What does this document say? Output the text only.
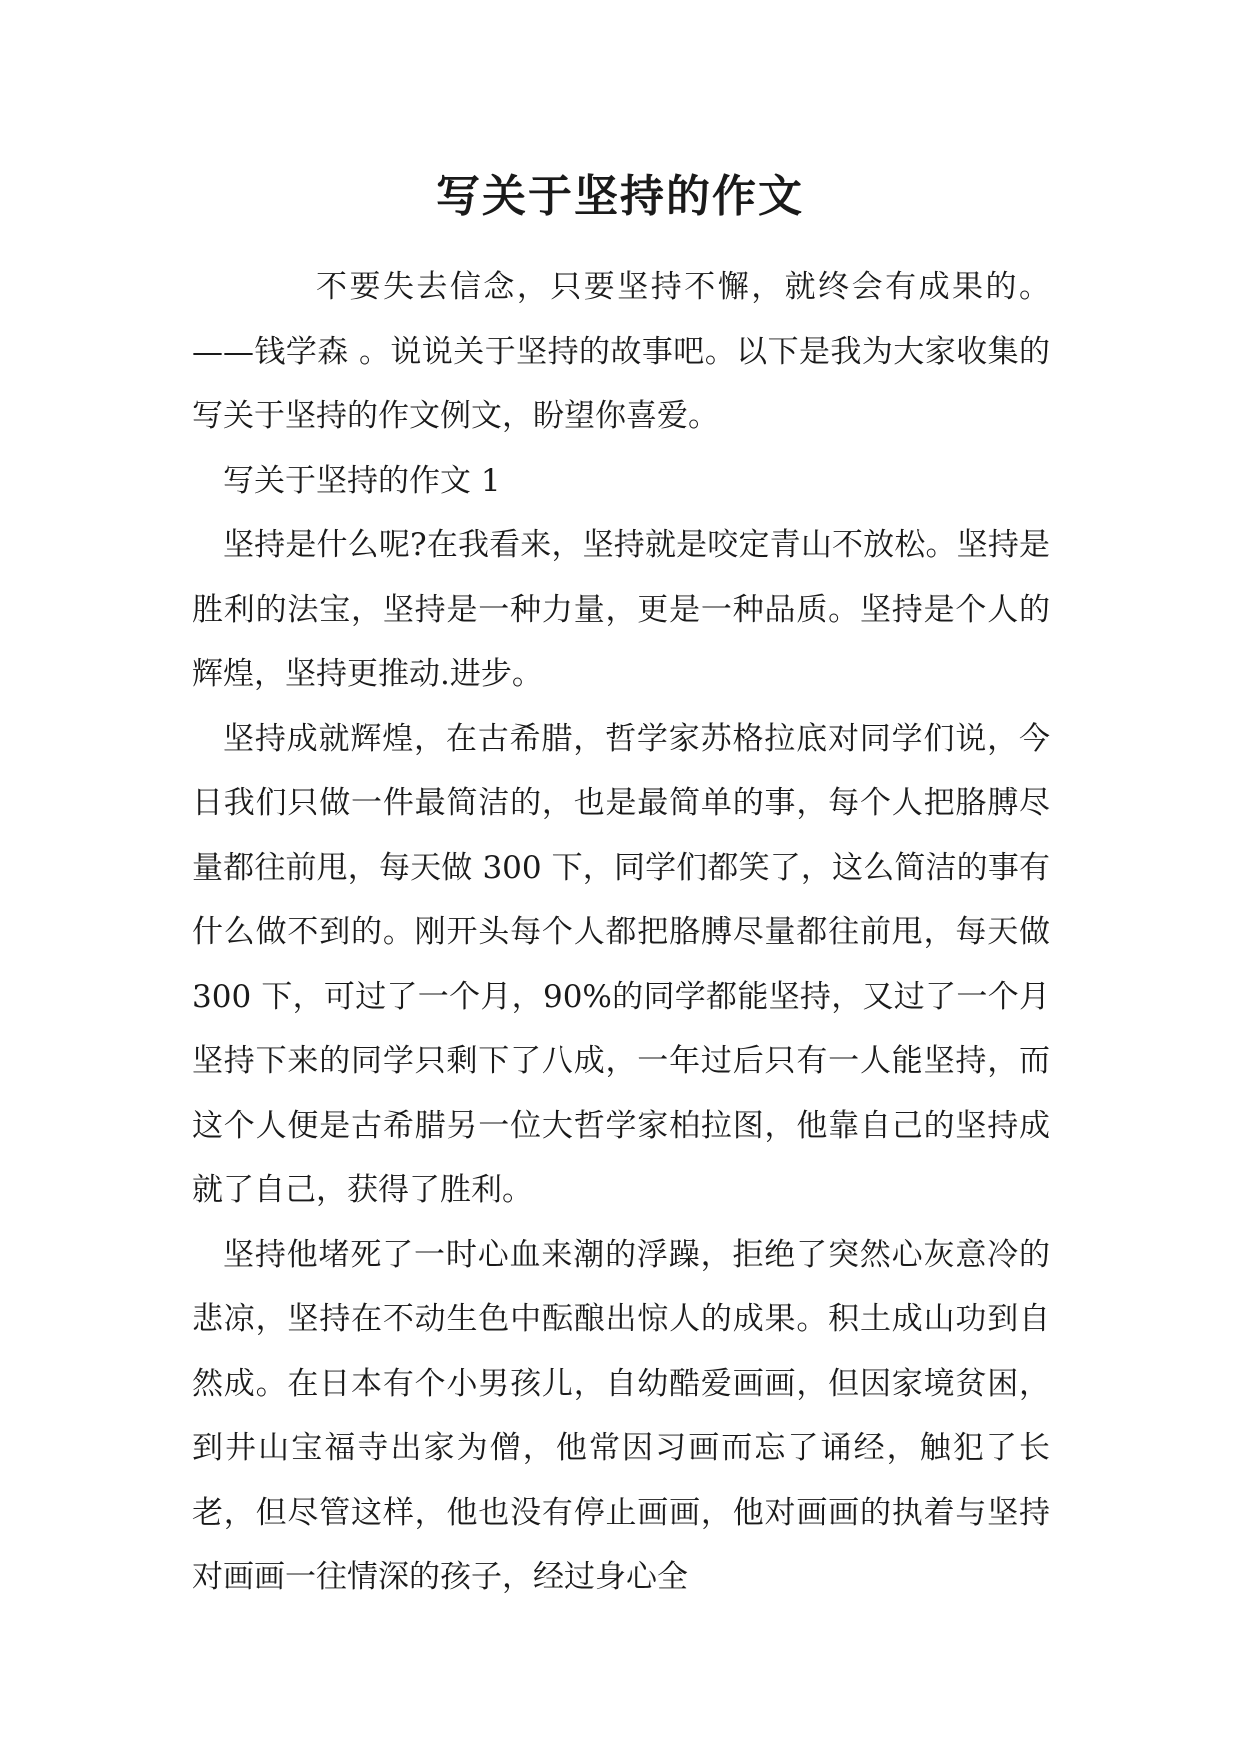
写关于坚持的作文

不要失去信念，只要坚持不懈，就终会有成果的。——钱学森 。说说关于坚持的故事吧。以下是我为大家收集的写关于坚持的作文例文，盼望你喜爱。

写关于坚持的作文 1

坚持是什么呢?在我看来，坚持就是咬定青山不放松。坚持是胜利的法宝，坚持是一种力量，更是一种品质。坚持是个人的辉煌，坚持更推动.进步。

坚持成就辉煌，在古希腊，哲学家苏格拉底对同学们说，今日我们只做一件最简洁的，也是最简单的事，每个人把胳膊尽量都往前甩，每天做 300 下，同学们都笑了，这么简洁的事有什么做不到的。刚开头每个人都把胳膊尽量都往前甩，每天做 300 下，可过了一个月，90%的同学都能坚持，又过了一个月坚持下来的同学只剩下了八成，一年过后只有一人能坚持，而这个人便是古希腊另一位大哲学家柏拉图，他靠自己的坚持成就了自己，获得了胜利。

坚持他堵死了一时心血来潮的浮躁，拒绝了突然心灰意冷的悲凉，坚持在不动生色中酝酿出惊人的成果。积土成山功到自然成。在日本有个小男孩儿，自幼酷爱画画，但因家境贫困，到井山宝福寺出家为僧，他常因习画而忘了诵经，触犯了长老，但尽管这样，他也没有停止画画，他对画画的执着与坚持对画画一往情深的孩子，经过身心全
